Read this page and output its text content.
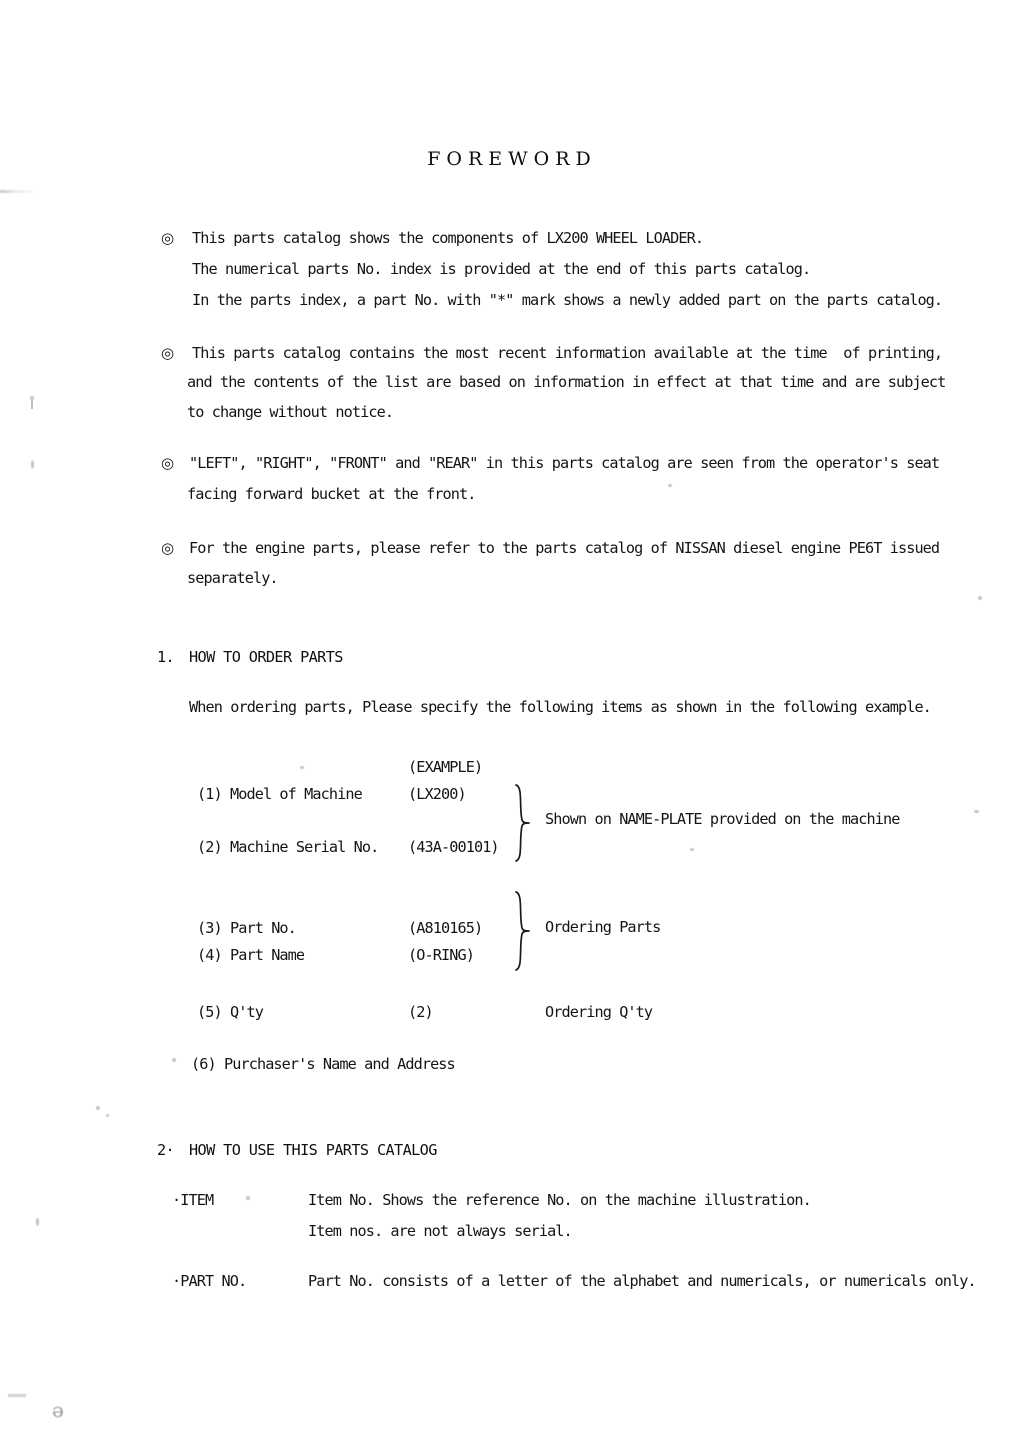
 ǝ
FOREWORD
◎ This parts catalog shows the components of LX200 WHEEL LOADER.
The numerical parts No. index is provided at the end of this parts catalog.
In the parts index, a part No. with "*" mark shows a newly added part on the parts catalog.
◎ This parts catalog contains the most recent information available at the time  of printing,
and the contents of the list are based on information in effect at that time and are subject
to change without notice.
◎ "LEFT", "RIGHT", "FRONT" and "REAR" in this parts catalog are seen from the operator's seat
facing forward bucket at the front.
◎ For the engine parts, please refer to the parts catalog of NISSAN diesel engine PE6T issued
separately.
1. HOW TO ORDER PARTS
When ordering parts, Please specify the following items as shown in the following example.
(EXAMPLE)
(1) Model of Machine	(LX200)
(2) Machine Serial No. (43A-00101)
Shown on NAME-PLATE provided on the machine
(3) Part No.	(A810165)
(4) Part Name	(O-RING)
Ordering Parts
(5) Q'ty	(2)	Ordering Q'ty
(6) Purchaser's Name and Address
2· HOW TO USE THIS PARTS CATALOG
·ITEM	Item No. Shows the reference No. on the machine illustration.
Item nos. are not always serial.
·PART NO.	Part No. consists of a letter of the alphabet and numericals, or numericals only.
